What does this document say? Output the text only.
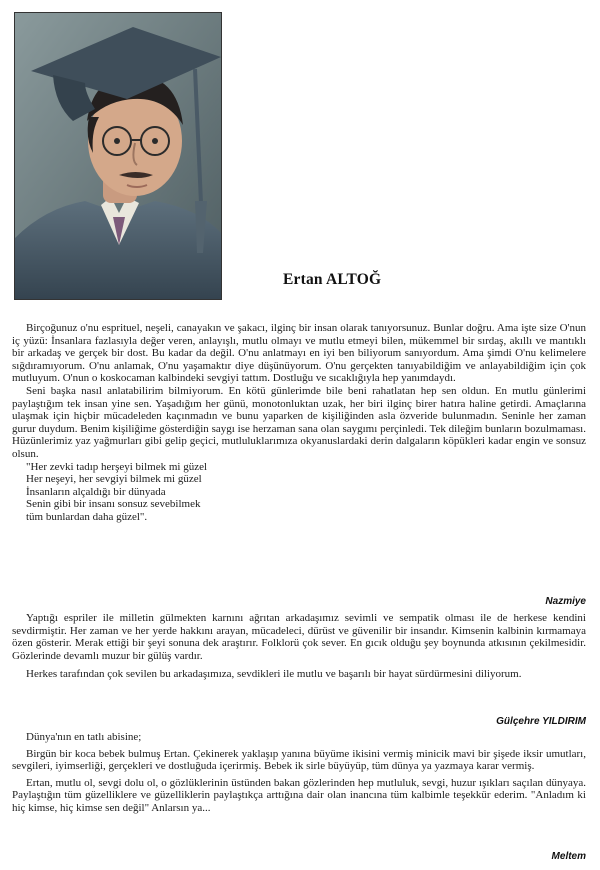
Ertan ALTOĞ

Birçoğunuz o'nu esprituel, neşeli, canayakın ve şakacı, ilginç bir insan olarak tanıyorsunuz. Bunlar doğru. Ama işte size O'nun iç yüzü: İnsanlara fazlasıyla değer veren, anlayışlı, mutlu olmayı ve mutlu etmeyi bilen, mükemmel bir sırdaş, akıllı ve mantıklı bir arkadaş ve gerçek bir dost. Bu kadar da değil. O'nu anlatmayı en iyi ben biliyorum sanıyordum. Ama şimdi O'nu kelimelere sığdıramıyorum. O'nu anlamak, O'nu yaşamaktır diye düşünüyorum. O'nu gerçekten tanıyabildiğim ve anlayabildiğim için çok mutluyum. O'nun o koskocaman kalbindeki sevgiyi tattım. Dostluğu ve sıcaklığıyla hep yanımdaydı.

Seni başka nasıl anlatabilirim bilmiyorum. En kötü günlerimde bile beni rahatlatan hep sen oldun. En mutlu günlerimi paylaştığım tek insan yine sen. Yaşadığım her günü, monotonluktan uzak, her biri ilginç birer hatıra haline getirdi. Amaçlarına ulaşmak için hiçbir mücadeleden kaçınmadın ve bunu yaparken de kişiliğinden asla özveride bulunmadın. Seninle her zaman gurur duydum. Benim kişiliğime gösterdiğin saygı ise herzaman sana olan saygımı perçinledi. Tek dileğim bunların bozulmaması. Hüzünlerimiz yaz yağmurları gibi gelip geçici, mutluluklarımıza okyanuslardaki derin dalgaların köpükleri kadar engin ve sonsuz olsun.

"Her zevki tadıp herşeyi bilmek mi güzel
Her neşeyi, her sevgiyi bilmek mi güzel
İnsanların alçaldığı bir dünyada
Senin gibi bir insanı sonsuz sevebilmek
tüm bunlardan daha güzel".
Nazmiye

Yaptığı espriler ile milletin gülmekten karnını ağrıtan arkadaşımız sevimli ve sempatik olması ile de herkese kendini sevdirmiştir. Her zaman ve her yerde hakkını arayan, mücadeleci, dürüst ve güvenilir bir insandır. Kimsenin kalbinin kırmamaya özen gösterir. Merak ettiği bir şeyi sonuna dek araştırır. Folklorü çok sever. En gıcık olduğu şey boynunda atkısının çekilmesidir. Gözlerinde devamlı muzur bir gülüş vardır.

Herkes tarafından çok sevilen bu arkadaşımıza, sevdikleri ile mutlu ve başarılı bir hayat sürdürmesini diliyorum.

Gülçehre YILDIRIM

Dünya'nın en tatlı abisine;

Birgün bir koca bebek bulmuş Ertan. Çekinerek yaklaşıp yanına büyüme ikisini vermiş minicik mavi bir şişede iksir umutları, sevgileri, iyimserliği, gerçekleri ve dostluğuda içerirmiş. Bebek ik sirle büyüyüp, tüm dünya ya yazmaya karar vermiş.

Ertan, mutlu ol, sevgi dolu ol, o gözlüklerinin üstünden bakan gözlerinden hep mutluluk, sevgi, huzur ışıkları saçılan dünyaya. Paylaştığın tüm güzelliklere ve güzelliklerin paylaştıkça arttığına dair olan inancına tüm kalbimle teşekkür ederim. "Anladım ki hiç kimse, hiç kimse sen değil" Anlarsın ya...

Meltem
